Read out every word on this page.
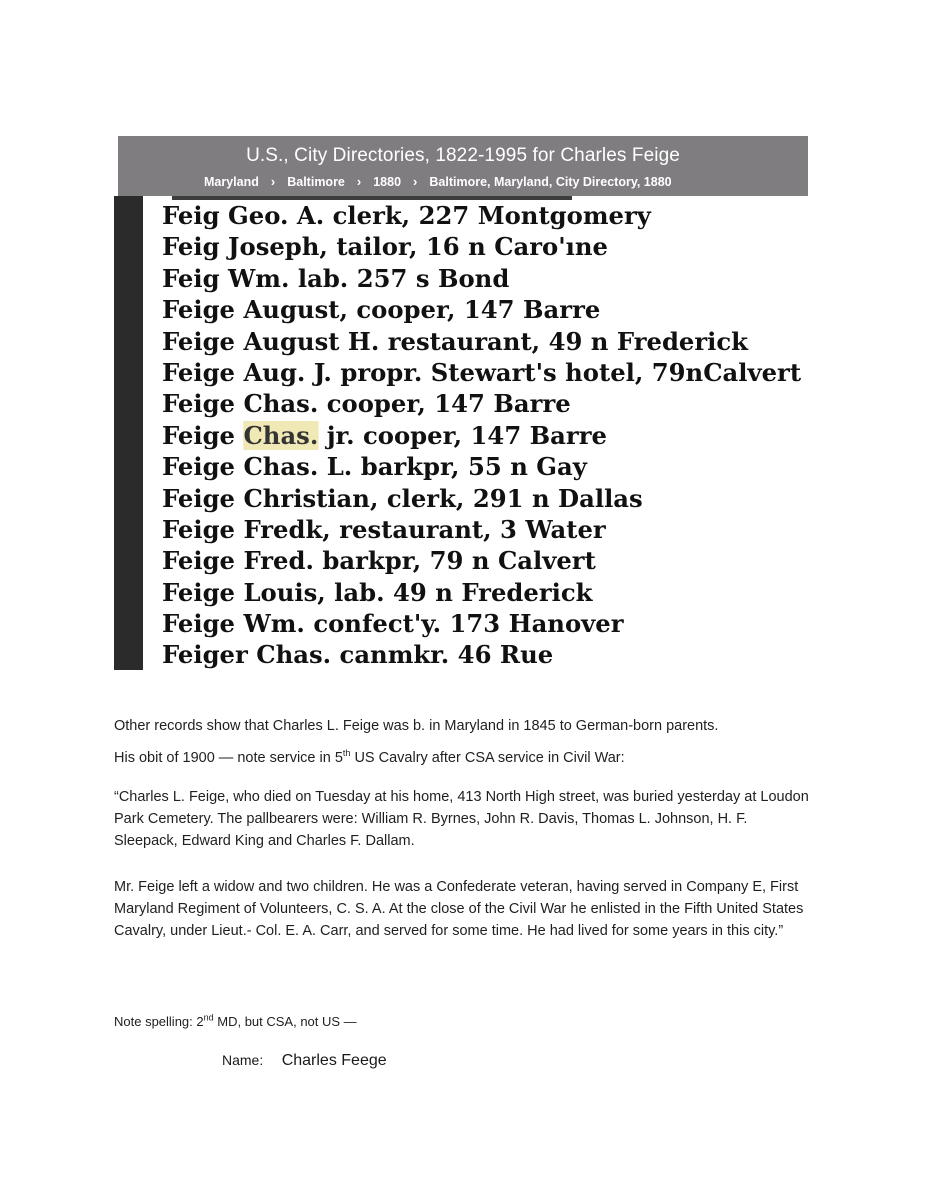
U.S., City Directories, 1822-1995 for Charles Feige
Maryland › Baltimore › 1880 › Baltimore, Maryland, City Directory, 1880
Feig Geo. A. clerk, 227 Montgomery
Feig Joseph, tailor, 16 n Caro'ıne
Feig Wm. lab. 257 s Bond
Feige August, cooper, 147 Barre
Feige August H. restaurant, 49 n Frederick
Feige Aug. J. propr. Stewart's hotel, 79nCalvert
Feige Chas. cooper, 147 Barre
Feige Chas. jr. cooper, 147 Barre
Feige Chas. L. barkpr, 55 n Gay
Feige Christian, clerk, 291 n Dallas
Feige Fredk, restaurant, 3 Water
Feige Fred. barkpr, 79 n Calvert
Feige Louis, lab. 49 n Frederick
Feige Wm. confect'y. 173 Hanover
Feiger Chas. canmkr. 46 Rue
Other records show that Charles L. Feige was b. in Maryland in 1845 to German-born parents.
His obit of 1900 — note service in 5th US Cavalry after CSA service in Civil War:
“Charles L. Feige, who died on Tuesday at his home, 413 North High street, was buried yesterday at Loudon Park Cemetery. The pallbearers were: William R. Byrnes, John R. Davis, Thomas L. Johnson, H. F. Sleepack, Edward King and Charles F. Dallam.
Mr. Feige left a widow and two children. He was a Confederate veteran, having served in Company E, First Maryland Regiment of Volunteers, C. S. A. At the close of the Civil War he enlisted in the Fifth United States Cavalry, under Lieut.- Col. E. A. Carr, and served for some time. He had lived for some years in this city.”
Note spelling: 2nd MD, but CSA, not US —
Name: Charles Feege
